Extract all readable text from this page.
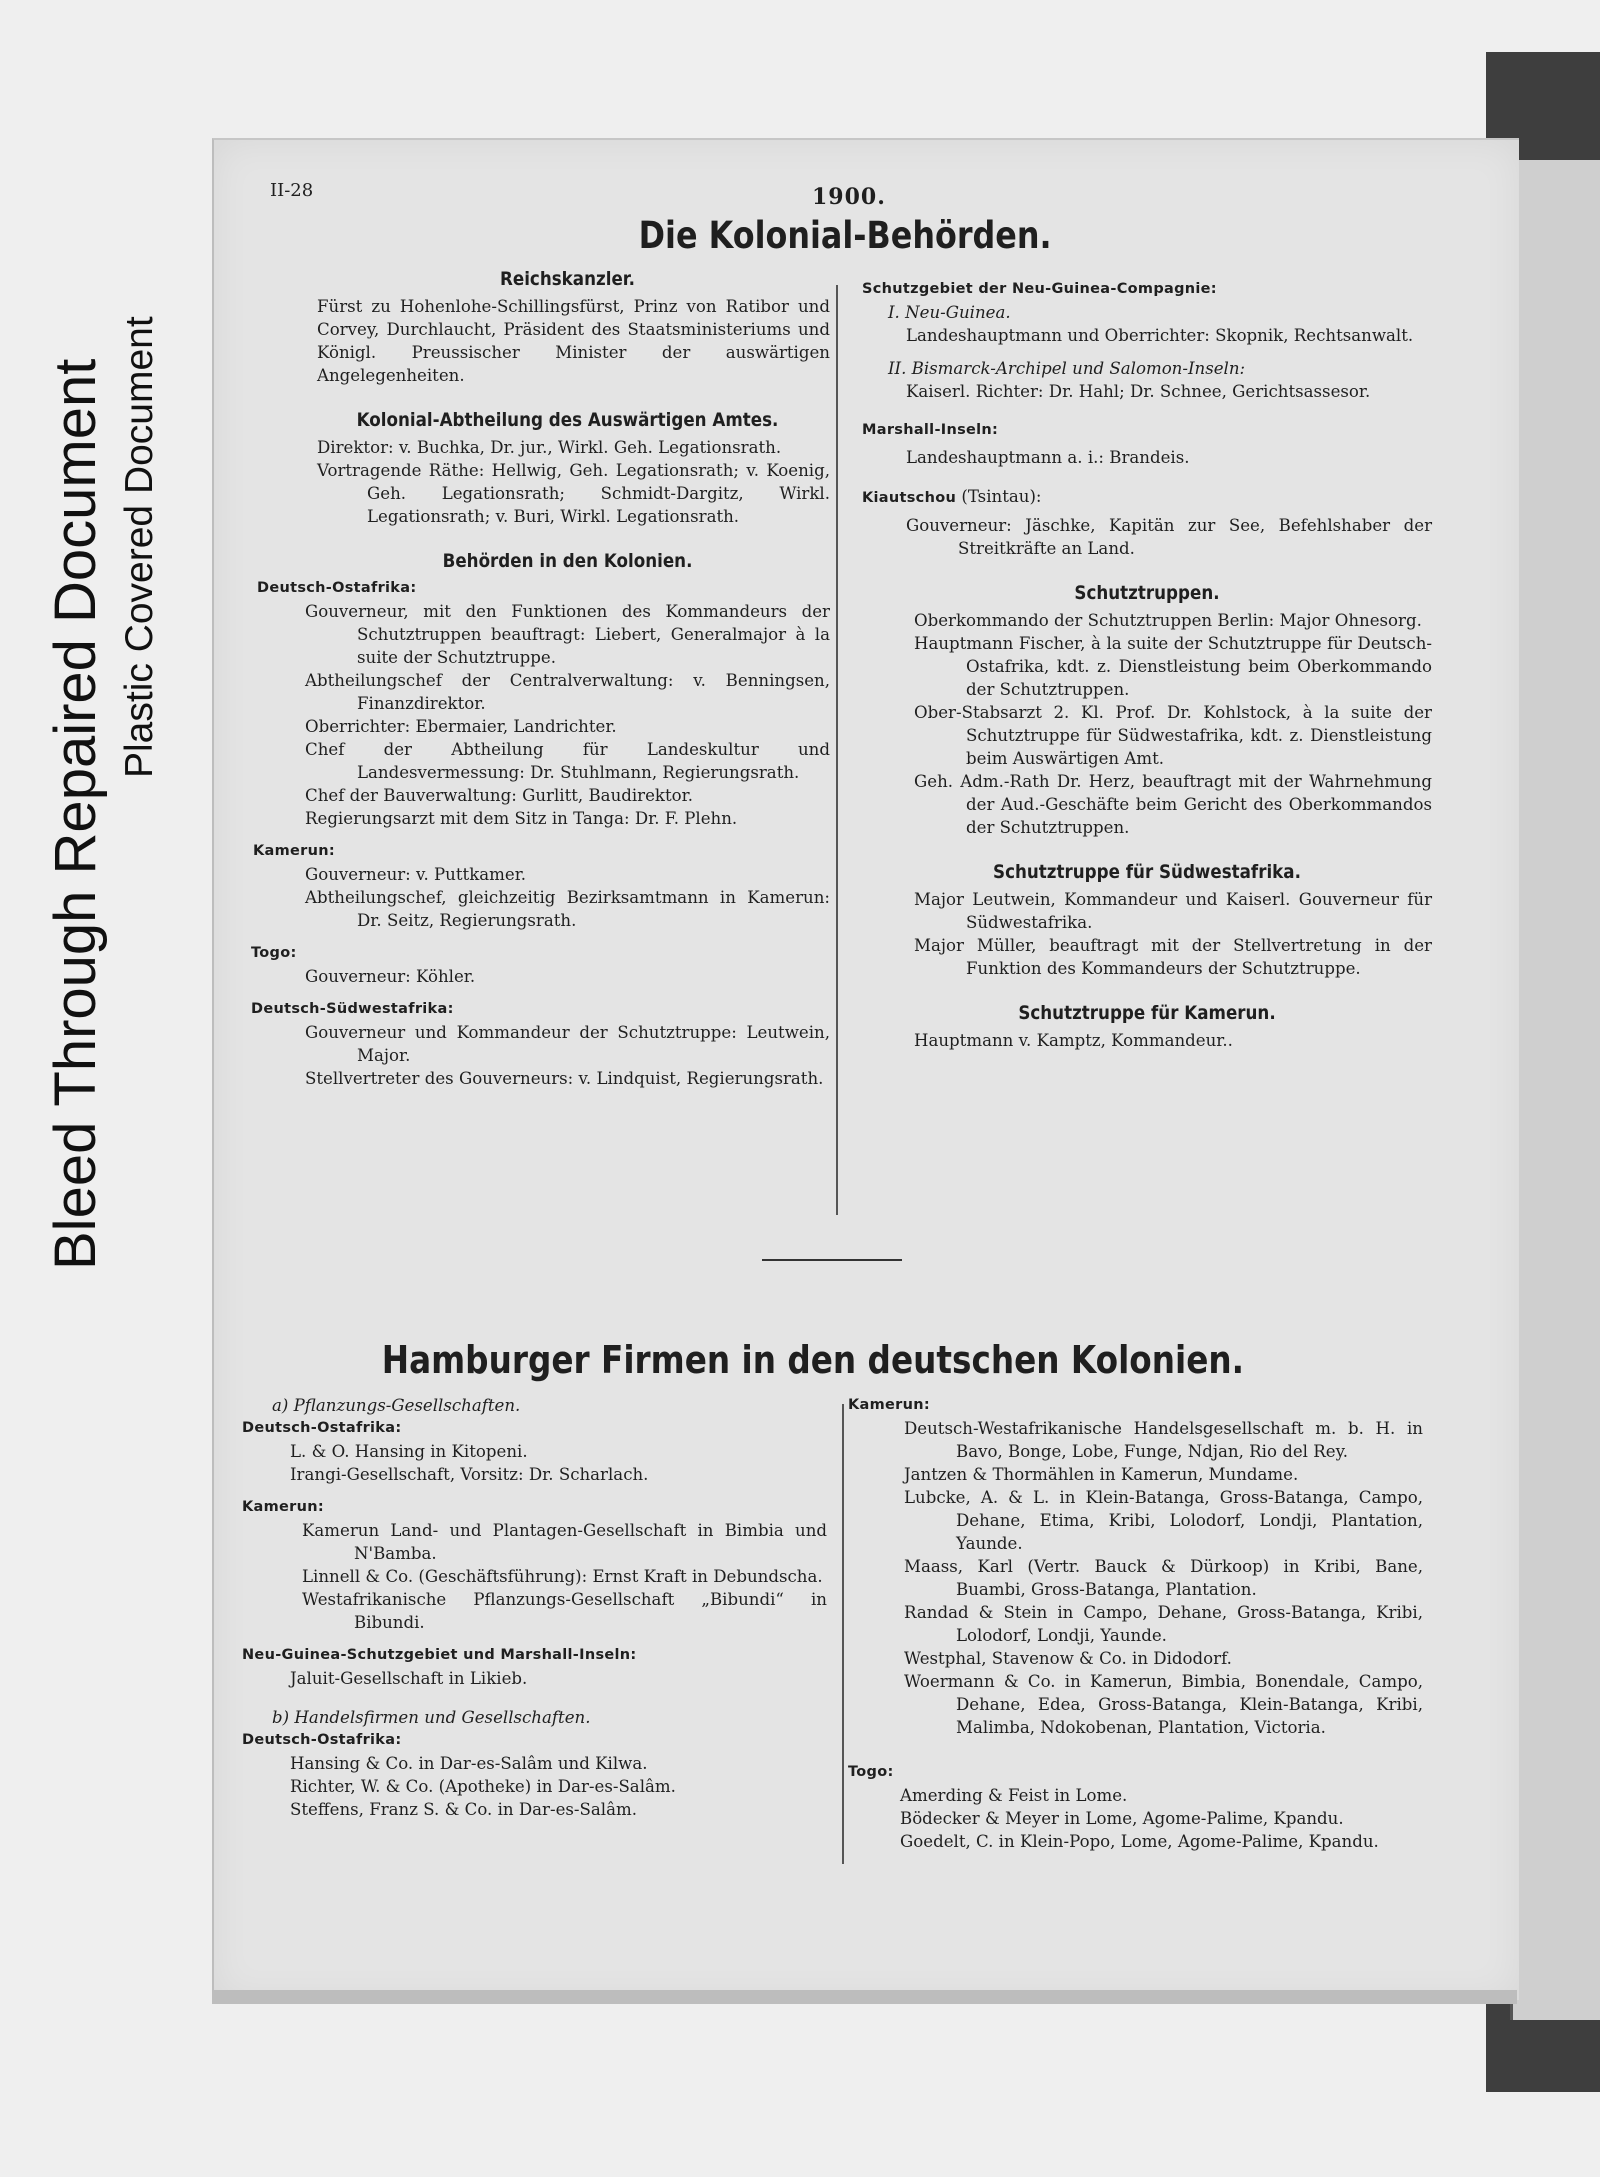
Bleed Through Repaired Document Plastic Covered Document
II-28	1900.
Die Kolonial-Behörden.

Reichskanzler.

Fürst zu Hohenlohe-Schillingsfürst, Prinz von Ratibor und Corvey, Durchlaucht, Präsident des Staatsministeriums und Königl. Preussischer Minister der auswärtigen Angelegenheiten.

Kolonial-Abtheilung des Auswärtigen Amtes.

Direktor: v. Buchka, Dr. jur., Wirkl. Geh. Legationsrath.

Vortragende Räthe: Hellwig, Geh. Legationsrath; v. Koenig, Geh. Legationsrath; Schmidt-Dargitz, Wirkl. Legationsrath; v. Buri, Wirkl. Legationsrath.

Behörden in den Kolonien.

Deutsch-Ostafrika:

Gouverneur, mit den Funktionen des Kommandeurs der Schutztruppen beauftragt: Liebert, Generalmajor à la suite der Schutztruppe.

Abtheilungschef der Centralverwaltung: v. Benningsen, Finanzdirektor.

Oberrichter: Ebermaier, Landrichter.

Chef der Abtheilung für Landeskultur und Landesvermessung: Dr. Stuhlmann, Regierungsrath.

Chef der Bauverwaltung: Gurlitt, Baudirektor.

Regierungsarzt mit dem Sitz in Tanga: Dr. F. Plehn.

Kamerun:

Gouverneur: v. Puttkamer.

Abtheilungschef, gleichzeitig Bezirksamtmann in Kamerun: Dr. Seitz, Regierungsrath.

Togo:

Gouverneur: Köhler.

Deutsch-Südwestafrika:

Gouverneur und Kommandeur der Schutztruppe: Leutwein, Major.

Stellvertreter des Gouverneurs: v. Lindquist, Regierungsrath.

Schutzgebiet der Neu-Guinea-Compagnie:

I. Neu-Guinea.

Landeshauptmann und Oberrichter: Skopnik, Rechtsanwalt.

II. Bismarck-Archipel und Salomon-Inseln:

Kaiserl. Richter: Dr. Hahl; Dr. Schnee, Gerichtsassesor.

Marshall-Inseln:

Landeshauptmann a. i.: Brandeis.

Kiautschou (Tsintau):

Gouverneur: Jäschke, Kapitän zur See, Befehlshaber der Streitkräfte an Land.

Schutztruppen.

Oberkommando der Schutztruppen Berlin: Major Ohnesorg.

Hauptmann Fischer, à la suite der Schutztruppe für Deutsch-Ostafrika, kdt. z. Dienstleistung beim Oberkommando der Schutztruppen.

Ober-Stabsarzt 2. Kl. Prof. Dr. Kohlstock, à la suite der Schutztruppe für Südwestafrika, kdt. z. Dienstleistung beim Auswärtigen Amt.

Geh. Adm.-Rath Dr. Herz, beauftragt mit der Wahrnehmung der Aud.-Geschäfte beim Gericht des Oberkommandos der Schutztruppen.

Schutztruppe für Südwestafrika.

Major Leutwein, Kommandeur und Kaiserl. Gouverneur für Südwestafrika.

Major Müller, beauftragt mit der Stellvertretung in der Funktion des Kommandeurs der Schutztruppe.

Schutztruppe für Kamerun.

Hauptmann v. Kamptz, Kommandeur..

Hamburger Firmen in den deutschen Kolonien.

a) Pflanzungs-Gesellschaften.

Deutsch-Ostafrika:

L. & O. Hansing in Kitopeni.

Irangi-Gesellschaft, Vorsitz: Dr. Scharlach.

Kamerun:

Kamerun Land- und Plantagen-Gesellschaft in Bimbia und N'Bamba.

Linnell & Co. (Geschäftsführung): Ernst Kraft in Debundscha.

Westafrikanische Pflanzungs-Gesellschaft „Bibundi“ in Bibundi.

Neu-Guinea-Schutzgebiet und Marshall-Inseln:

Jaluit-Gesellschaft in Likieb.

b) Handelsfirmen und Gesellschaften.

Deutsch-Ostafrika:

Hansing & Co. in Dar-es-Salâm und Kilwa.

Richter, W. & Co. (Apotheke) in Dar-es-Salâm.

Steffens, Franz S. & Co. in Dar-es-Salâm.

Kamerun:

Deutsch-Westafrikanische Handelsgesellschaft m. b. H. in Bavo, Bonge, Lobe, Funge, Ndjan, Rio del Rey.

Jantzen & Thormählen in Kamerun, Mundame.

Lubcke, A. & L. in Klein-Batanga, Gross-Batanga, Campo, Dehane, Etima, Kribi, Lolodorf, Londji, Plantation, Yaunde.

Maass, Karl (Vertr. Bauck & Dürkoop) in Kribi, Bane, Buambi, Gross-Batanga, Plantation.

Randad & Stein in Campo, Dehane, Gross-Batanga, Kribi, Lolodorf, Londji, Yaunde.

Westphal, Stavenow & Co. in Didodorf.

Woermann & Co. in Kamerun, Bimbia, Bonendale, Campo, Dehane, Edea, Gross-Batanga, Klein-Batanga, Kribi, Malimba, Ndokobenan, Plantation, Victoria.

Togo:

Amerding & Feist in Lome.

Bödecker & Meyer in Lome, Agome-Palime, Kpandu.

Goedelt, C. in Klein-Popo, Lome, Agome-Palime, Kpandu.
